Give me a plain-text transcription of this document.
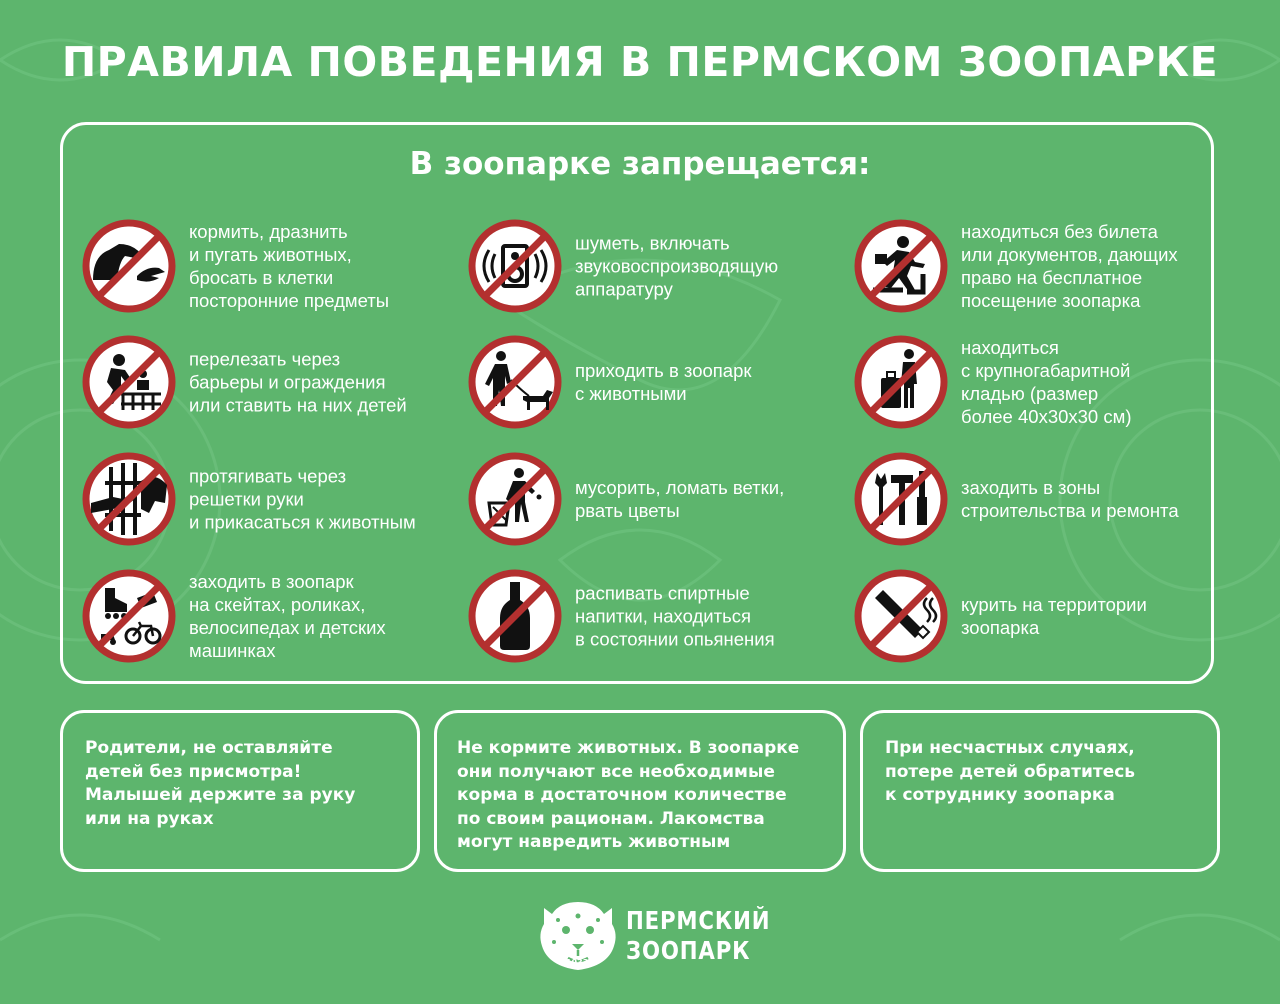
ПРАВИЛА ПОВЕДЕНИЯ В ПЕРМСКОМ ЗООПАРКЕ
В зоопарке запрещается:
кормить, дразнить
и пугать животных,
бросать в клетки
посторонние предметы
шуметь, включать
звуковоспроизводящую
аппаратуру
находиться без билета
или документов, дающих
право на бесплатное
посещение зоопарка
перелезать через
барьеры и ограждения
или ставить на них детей
приходить в зоопарк
с животными
находиться
с крупногабаритной
кладью (размер
более 40x30x30 см)
протягивать через
решетки руки
и прикасаться к животным
мусорить, ломать ветки,
рвать цветы
заходить в зоны
строительства и ремонта
заходить в зоопарк
на скейтах, роликах,
велосипедах и детских
машинках
распивать спиртные
напитки, находиться
в состоянии опьянения
курить на территории
зоопарка
Родители, не оставляйте
детей без присмотра!
Малышей держите за руку
или на руках
Не кормите животных. В зоопарке
они получают все необходимые
корма в достаточном количестве
по своим рационам. Лакомства
могут навредить животным
При несчастных случаях,
потере детей обратитесь
к сотруднику зоопарка
1933
ПЕРМСКИЙ
ЗООПАРК
